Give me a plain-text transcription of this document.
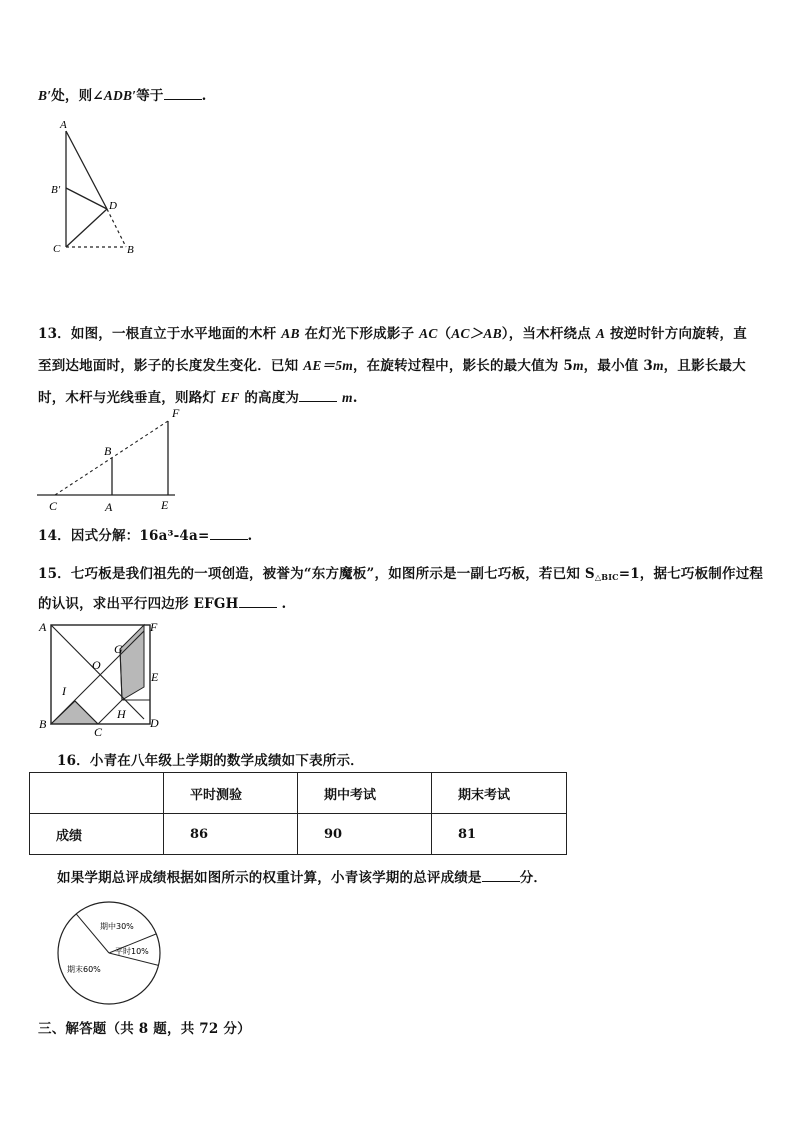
B′处，则∠ADB′等于	.
A
B′
D
C	B
13．如图，一根直立于水平地面的木杆 AB 在灯光下形成影子 AC（AC＞AB），当木杆绕点 A 按逆时针方向旋转，直
至到达地面时，影子的长度发生变化．已知 AE＝5m，在旋转过程中，影长的最大值为 5m，最小值 3m，且影长最大
时，木杆与光线垂直，则路灯 EF 的高度为	m.
F
B
C	A	E
14．因式分解：16a³-4a=	.
15．七巧板是我们祖先的一项创造，被誉为“东方魔板”，如图所示是一副七巧板，若已知 $S_{\triangle BIC}=1$，据七巧板制作过程
的认识，求出平行四边形 EFGH	.
A	F
G
O
E
I
H
B
C
D
16．小青在八年级上学期的数学成绩如下表所示．
	平时测验	期中考试	期末考试
成绩	86	90	81
如果学期总评成绩根据如图所示的权重计算，小青该学期的总评成绩是	分．
期中30%
平时10%
期末60%
三、解答题（共 8 题，共 72 分）
